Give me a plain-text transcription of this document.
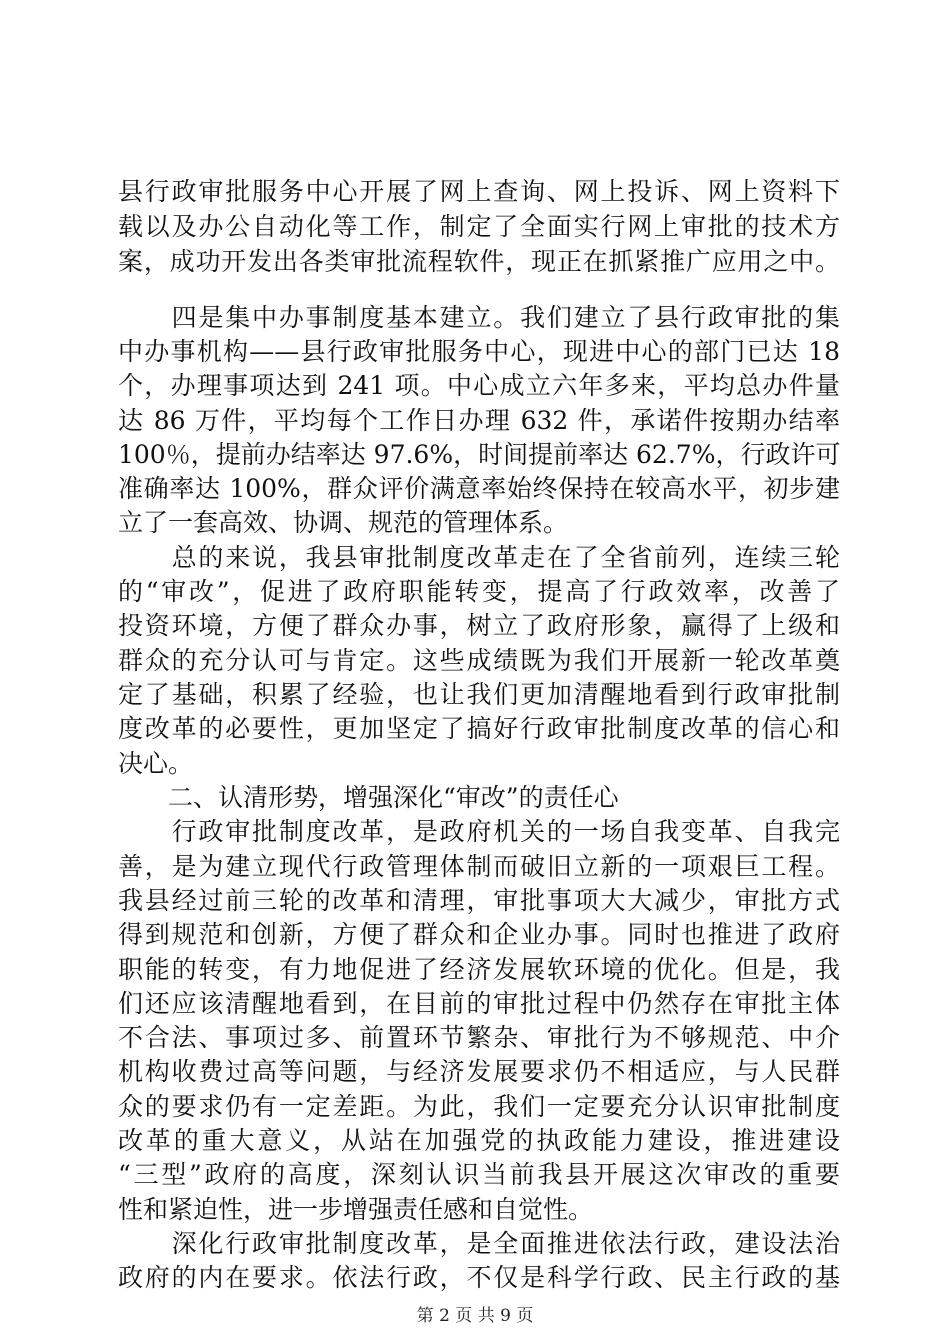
县行政审批服务中心开展了网上查询、网上投诉、网上资料下
载以及办公自动化等工作，制定了全面实行网上审批的技术方
案，成功开发出各类审批流程软件，现正在抓紧推广应用之中。
　　四是集中办事制度基本建立。我们建立了县行政审批的集
中办事机构——县行政审批服务中心，现进中心的部门已达 18
个，办理事项达到 241 项。中心成立六年多来，平均总办件量
达 86 万件，平均每个工作日办理 632 件，承诺件按期办结率
100％，提前办结率达 97.6%，时间提前率达 62.7%，行政许可
准确率达 100%，群众评价满意率始终保持在较高水平，初步建
立了一套高效、协调、规范的管理体系。
　　总的来说，我县审批制度改革走在了全省前列，连续三轮
的“审改”，促进了政府职能转变，提高了行政效率，改善了
投资环境，方便了群众办事，树立了政府形象，赢得了上级和
群众的充分认可与肯定。这些成绩既为我们开展新一轮改革奠
定了基础，积累了经验，也让我们更加清醒地看到行政审批制
度改革的必要性，更加坚定了搞好行政审批制度改革的信心和
决心。
　　二、认清形势，增强深化“审改”的责任心
　　行政审批制度改革，是政府机关的一场自我变革、自我完
善，是为建立现代行政管理体制而破旧立新的一项艰巨工程。
我县经过前三轮的改革和清理，审批事项大大减少，审批方式
得到规范和创新，方便了群众和企业办事。同时也推进了政府
职能的转变，有力地促进了经济发展软环境的优化。但是，我
们还应该清醒地看到，在目前的审批过程中仍然存在审批主体
不合法、事项过多、前置环节繁杂、审批行为不够规范、中介
机构收费过高等问题，与经济发展要求仍不相适应，与人民群
众的要求仍有一定差距。为此，我们一定要充分认识审批制度
改革的重大意义，从站在加强党的执政能力建设，推进建设
“三型”政府的高度，深刻认识当前我县开展这次审改的重要
性和紧迫性，进一步增强责任感和自觉性。
　　深化行政审批制度改革，是全面推进依法行政，建设法治
政府的内在要求。依法行政，不仅是科学行政、民主行政的基
第 2 页 共 9 页
